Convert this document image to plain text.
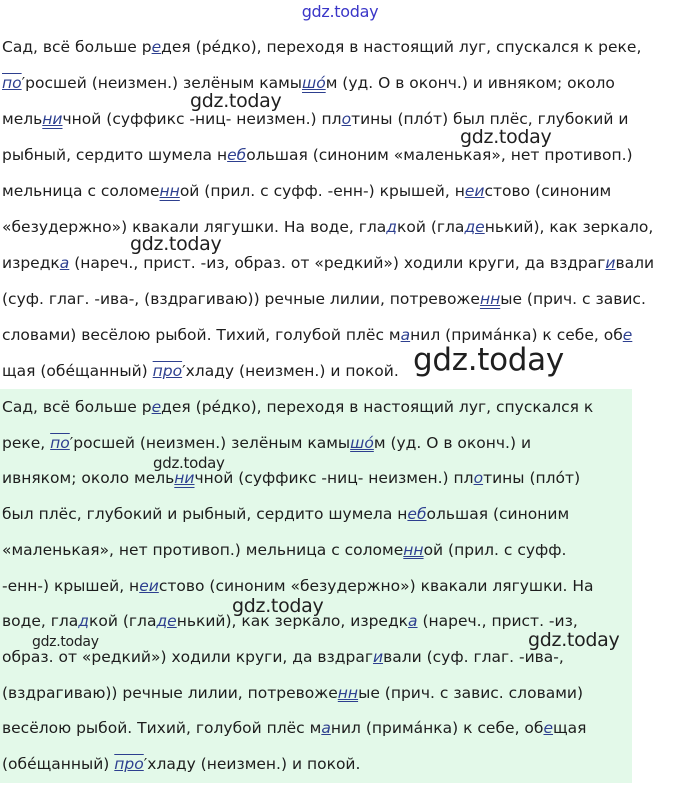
gdz.today
Сад, всё больше редея (рéдко), переходя в настоящий луг, спускался к реке,
по′росшей (неизмен.) зелёным камышóм (уд. О в оконч.) и ивняком; около
мельничной (суффикс -ниц- неизмен.) плотины (плóт) был плёс, глубокий и
рыбный, сердито шумела небольшая (синоним «маленькая», нет противоп.)
мельница с соломенной (прил. с суфф. -енн-) крышей, неистово (синоним
«безудержно») квакали лягушки. На воде, гладкой (гладенький), как зеркало,
изредка (нареч., прист. -из, образ. от «редкий») ходили круги, да вздрагивали
(суф. глаг. -ива-, (вздрагиваю)) речные лилии, потревоженные (прич. с завис.
словами) весёлою рыбой. Тихий, голубой плёс манил (примáнка) к себе, обе
щая (обéщанный) про′хладу (неизмен.) и покой.
Сад, всё больше редея (рéдко), переходя в настоящий луг, спускался к
реке, по′росшей (неизмен.) зелёным камышóм (уд. О в оконч.) и
ивняком; около мельничной (суффикс -ниц- неизмен.) плотины (плóт)
был плёс, глубокий и рыбный, сердито шумела небольшая (синоним
«маленькая», нет противоп.) мельница с соломенной (прил. с суфф.
-енн-) крышей, неистово (синоним «безудержно») квакали лягушки. На
воде, гладкой (гладенький), как зеркало, изредка (нареч., прист. -из,
образ. от «редкий») ходили круги, да вздрагивали (суф. глаг. -ива-,
(вздрагиваю)) речные лилии, потревоженные (прич. с завис. словами)
весёлою рыбой. Тихий, голубой плёс манил (примáнка) к себе, обещая
(обéщанный) про′хладу (неизмен.) и покой.
gdz.today
gdz.today
gdz.today
gdz.today
gdz.today
gdz.today
gdz.today	gdz.today
